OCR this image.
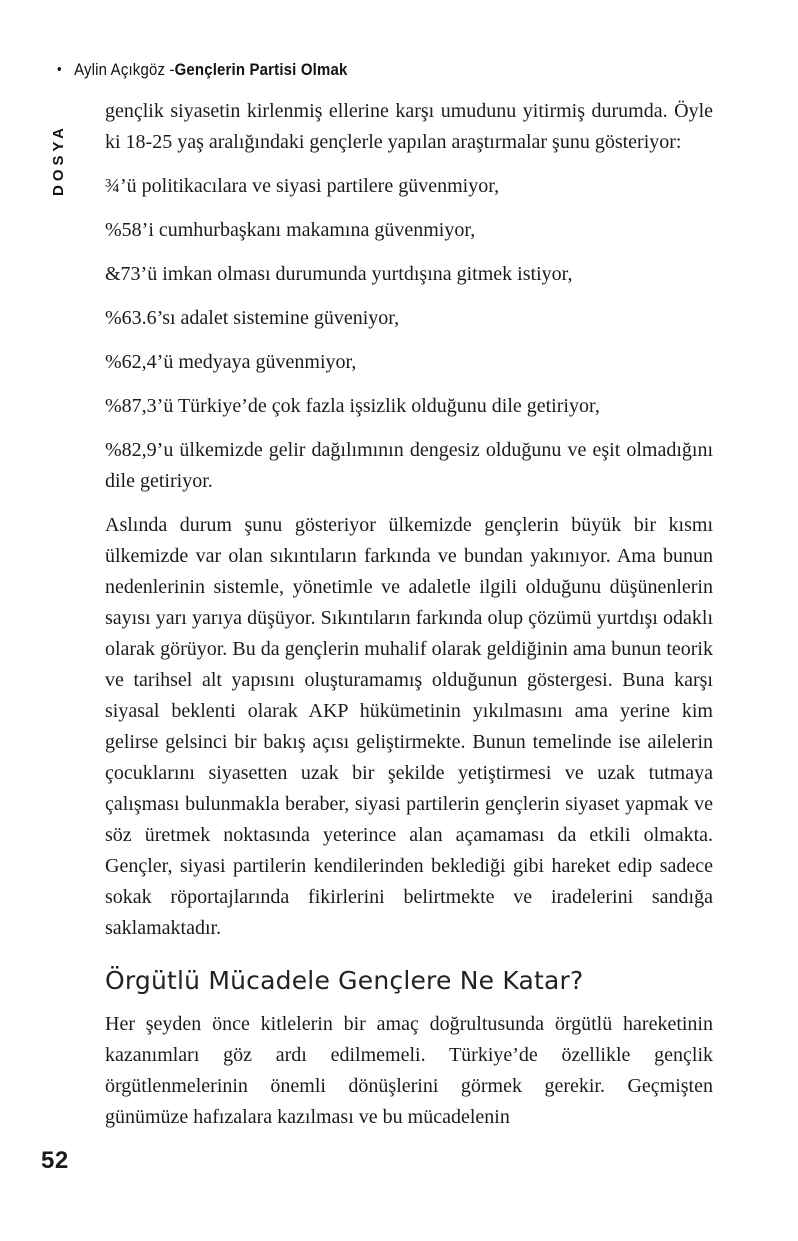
• Aylin Açıkgöz - Gençlerin Partisi Olmak
DOSYA

gençlik siyasetin kirlenmiş ellerine karşı umudunu yitirmiş durumda. Öyle ki 18-25 yaş aralığındaki gençlerle yapılan araştırmalar şunu gösteriyor:

¾’ü politikacılara ve siyasi partilere güvenmiyor,

%58’i cumhurbaşkanı makamına güvenmiyor,

&73’ü imkan olması durumunda yurtdışına gitmek istiyor,

%63.6’sı adalet sistemine güveniyor,

%62,4’ü medyaya güvenmiyor,

%87,3’ü Türkiye’de çok fazla işsizlik olduğunu dile getiriyor,

%82,9’u ülkemizde gelir dağılımının dengesiz olduğunu ve eşit olmadığını dile getiriyor.

Aslında durum şunu gösteriyor ülkemizde gençlerin büyük bir kısmı ülkemizde var olan sıkıntıların farkında ve bundan yakınıyor. Ama bunun nedenlerinin sistemle, yönetimle ve adaletle ilgili olduğunu düşünenlerin sayısı yarı yarıya düşüyor. Sıkıntıların farkında olup çözümü yurtdışı odaklı olarak görüyor. Bu da gençlerin muhalif olarak geldiğinin ama bunun teorik ve tarihsel alt yapısını oluşturamamış olduğunun göstergesi. Buna karşı siyasal beklenti olarak AKP hükümetinin yıkılmasını ama yerine kim gelirse gelsinci bir bakış açısı geliştirmekte. Bunun temelinde ise ailelerin çocuklarını siyasetten uzak bir şekilde yetiştirmesi ve uzak tutmaya çalışması bulunmakla beraber, siyasi partilerin gençlerin siyaset yapmak ve söz üretmek noktasında yeterince alan açamaması da etkili olmakta. Gençler, siyasi partilerin kendilerinden beklediği gibi hareket edip sadece sokak röportajlarında fikirlerini belirtmekte ve iradelerini sandığa saklamaktadır.

Örgütlü Mücadele Gençlere Ne Katar?

Her şeyden önce kitlelerin bir amaç doğrultusunda örgütlü hareketinin kazanımları göz ardı edilmemeli. Türkiye’de özellikle gençlik örgütlenmelerinin önemli dönüşlerini görmek gerekir. Geçmişten günümüze hafızalara kazılması ve bu mücadelenin

52
